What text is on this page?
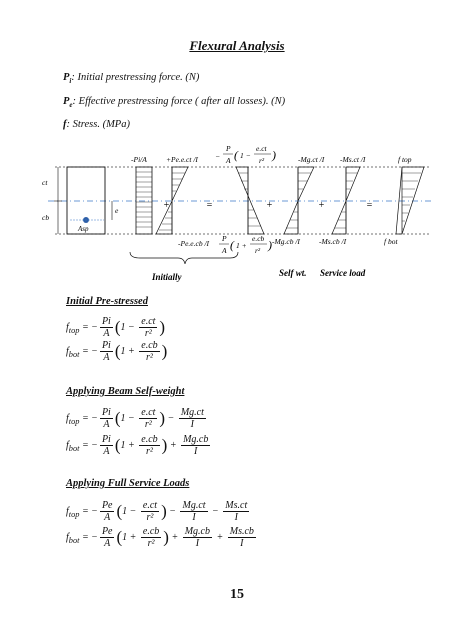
Flexural Analysis
$P_i$: Initial prestressing force. (N)
$P_e$: Effective prestressing force ( after all losses). (N)
f: Stress. (MPa)
Asp
ct
cb
e	+	=	+	+	=
-Pi/A	+Pe.e.ct /I	-Mg.ct /I -Ms.ct /I	f top
−
P
A ( 1 −
e.ct
r² )
-Pe.e.cb /I	-Mg.cb /I	-Ms.cb /I	f bot
P
A ( 1 +
e.cb
r² )
Initially	Self wt. Service load
Initial Pre-stressed
$f_{top}$ = − $\frac{Pi}{A} (1 - \frac{e.ct}{\text{r²}}$ )
$f_{bot}$ = − $\frac{Pi}{A} (1 + \frac{e.cb}{\text{r²}}$ )
Applying Beam Self-weight
$f_{top}$ = − $\frac{Pi}{A} (1 - \frac{e.ct}{\text{r²}}$ ) − $\frac{Mg.ct}{I}$
$f_{bot}$ = − $\frac{Pi}{A} (1 + \frac{e.cb}{\text{r²}}$ ) + $\frac{Mg.cb}{I}$
Applying Full Service Loads
$f_{top}$ = − $\frac{Pe}{A} (1 - \frac{e.ct}{\text{r²}}$ ) − $\frac{Mg.ct}{I} - \frac{Ms.ct}{I}$
$f_{bot}$ = − $\frac{Pe}{A} (1 + \frac{e.cb}{\text{r²}}$ ) + $\frac{Mg.cb}{I} + \frac{Ms.cb}{I}$
15
